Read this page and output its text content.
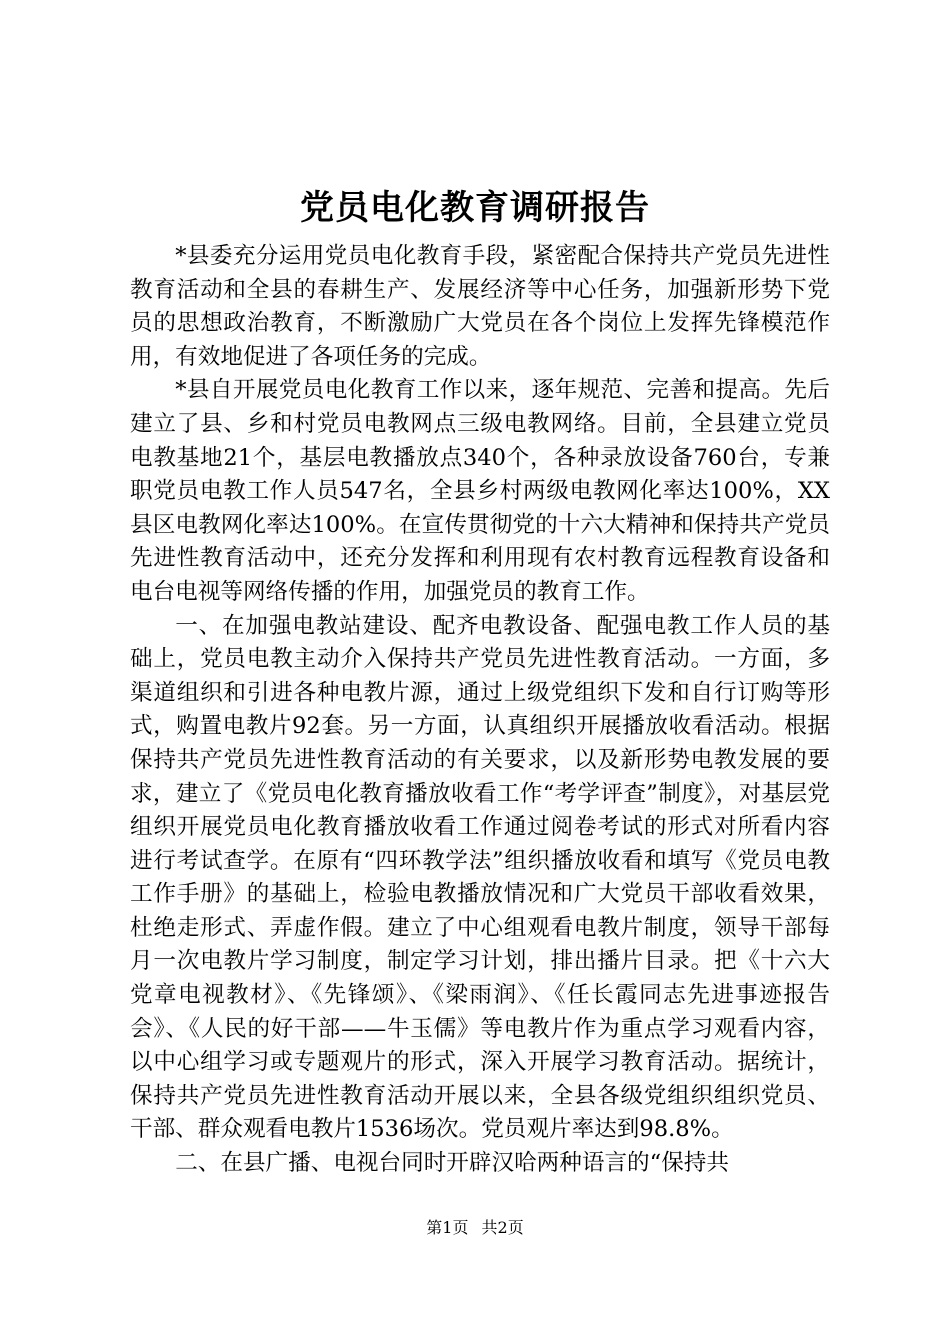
党员电化教育调研报告

*县委充分运用党员电化教育手段，紧密配合保持共产党员先进性教育活动和全县的春耕生产、发展经济等中心任务，加强新形势下党员的思想政治教育，不断激励广大党员在各个岗位上发挥先锋模范作用，有效地促进了各项任务的完成。

*县自开展党员电化教育工作以来，逐年规范、完善和提高。先后建立了县、乡和村党员电教网点三级电教网络。目前，全县建立党员电教基地21个，基层电教播放点340个，各种录放设备760台，专兼职党员电教工作人员547名，全县乡村两级电教网化率达100%，XX县区电教网化率达100%。在宣传贯彻党的十六大精神和保持共产党员先进性教育活动中，还充分发挥和利用现有农村教育远程教育设备和电台电视等网络传播的作用，加强党员的教育工作。

一、在加强电教站建设、配齐电教设备、配强电教工作人员的基础上，党员电教主动介入保持共产党员先进性教育活动。一方面，多渠道组织和引进各种电教片源，通过上级党组织下发和自行订购等形式，购置电教片92套。另一方面，认真组织开展播放收看活动。根据保持共产党员先进性教育活动的有关要求，以及新形势电教发展的要求，建立了《党员电化教育播放收看工作“考学评查”制度》，对基层党组织开展党员电化教育播放收看工作通过阅卷考试的形式对所看内容进行考试查学。在原有“四环教学法”组织播放收看和填写《党员电教工作手册》的基础上，检验电教播放情况和广大党员干部收看效果，杜绝走形式、弄虚作假。建立了中心组观看电教片制度，领导干部每月一次电教片学习制度，制定学习计划，排出播片目录。把《十六大党章电视教材》、《先锋颂》、《梁雨润》、《任长霞同志先进事迹报告会》、《人民的好干部——牛玉儒》等电教片作为重点学习观看内容，以中心组学习或专题观片的形式，深入开展学习教育活动。据统计，保持共产党员先进性教育活动开展以来，全县各级党组织组织党员、干部、群众观看电教片1536场次。党员观片率达到98.8%。

二、在县广播、电视台同时开辟汉哈两种语言的“保持共

第1页 共2页
